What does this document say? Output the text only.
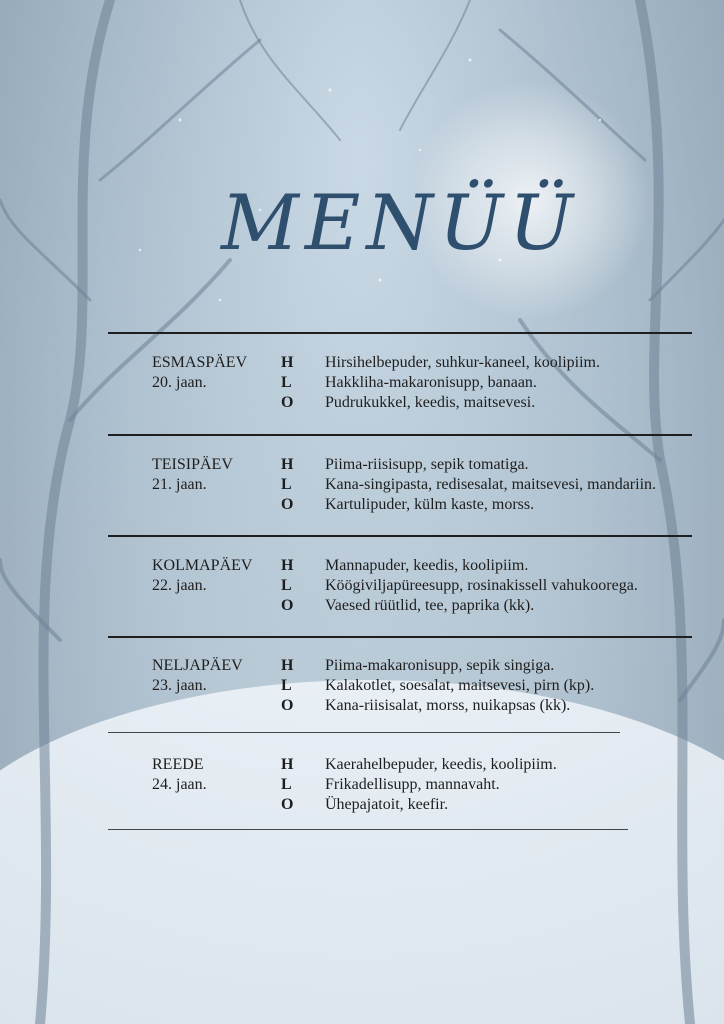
MENÜÜ
ESMASPÄEV H Hirsihelbepuder, suhkur-kaneel, koolipiim.
20. jaan.	L Hakkliha-makaronisupp, banaan.
O Pudrukukkel, keedis, maitsevesi.
TEISIPÄEV	H Piima-riisisupp, sepik tomatiga.
21. jaan.	L Kana-singipasta, redisesalat, maitsevesi, mandariin.
O Kartulipuder, külm kaste, morss.
KOLMAPÄEV H Mannapuder, keedis, koolipiim.
22. jaan.	L Köögiviljapüreesupp, rosinakissell vahukoorega.
O Vaesed rüütlid, tee, paprika (kk).
NELJAPÄEV H Piima-makaronisupp, sepik singiga.
23. jaan.	L Kalakotlet, soesalat, maitsevesi, pirn (kp).
O Kana-riisisalat, morss, nuikapsas (kk).
REEDE	H Kaerahelbepuder, keedis, koolipiim.
24. jaan.	L Frikadellisupp, mannavaht.
O Ühepajatoit, keefir.
